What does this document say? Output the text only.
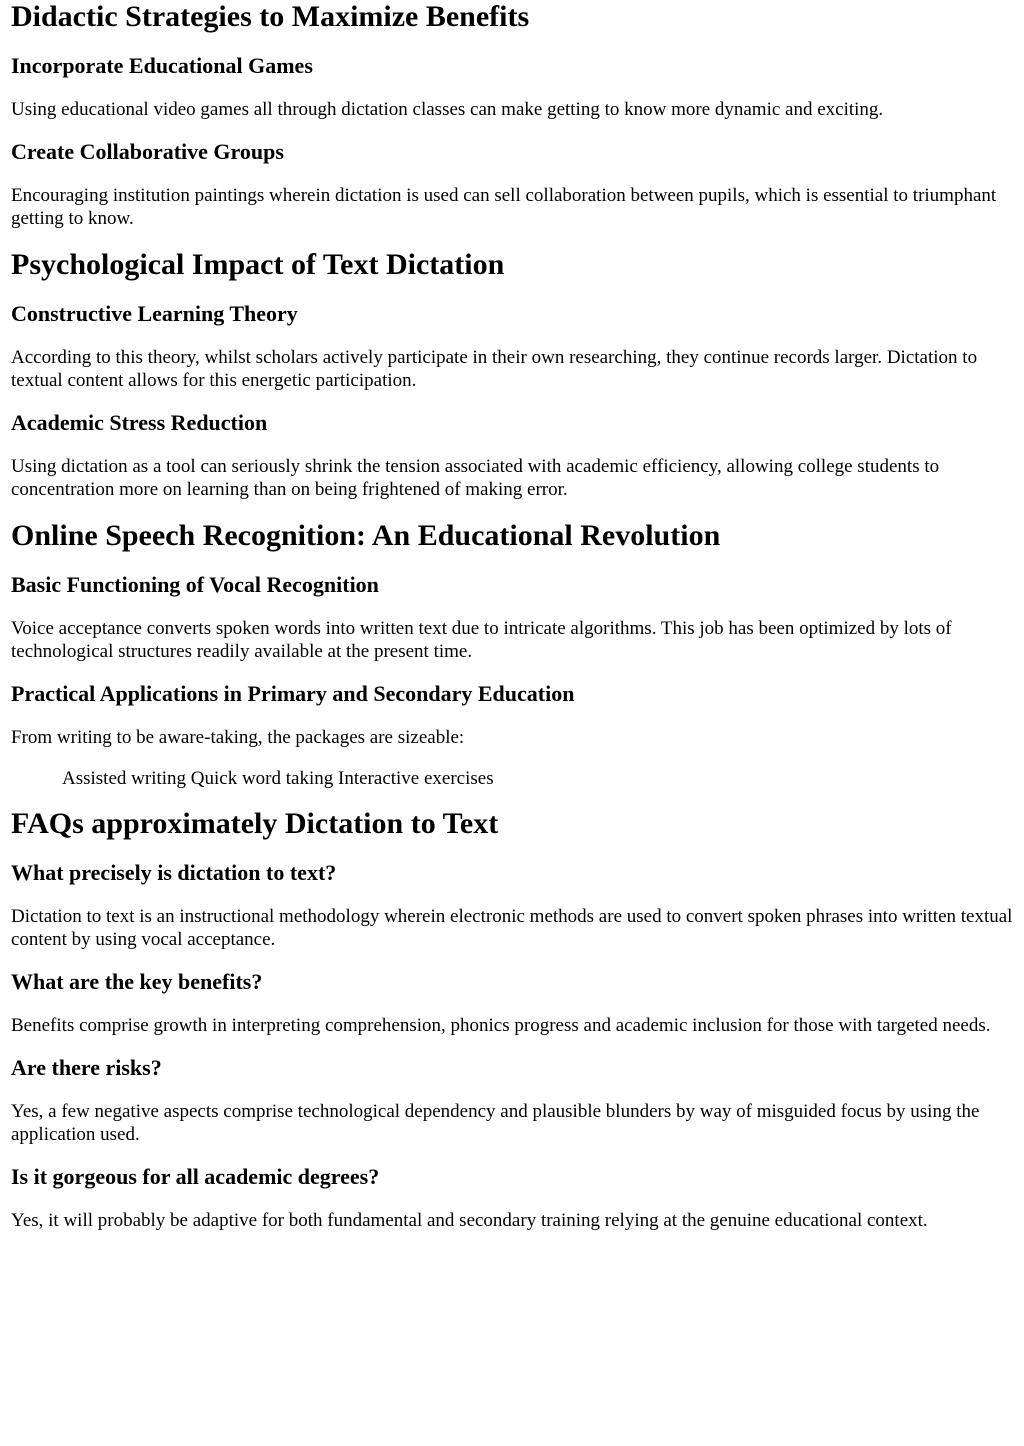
Didactic Strategies to Maximize Benefits
Incorporate Educational Games

Using educational video games all through dictation classes can make getting to know more dynamic and exciting.

Create Collaborative Groups

Encouraging institution paintings wherein dictation is used can sell collaboration between pupils, which is essential to triumphant getting to know.

Psychological Impact of Text Dictation
Constructive Learning Theory

According to this theory, whilst scholars actively participate in their own researching, they continue records larger. Dictation to textual content allows for this energetic participation.

Academic Stress Reduction

Using dictation as a tool can seriously shrink the tension associated with academic efficiency, allowing college students to concentration more on learning than on being frightened of making error.

Online Speech Recognition: An Educational Revolution
Basic Functioning of Vocal Recognition

Voice acceptance converts spoken words into written text due to intricate algorithms. This job has been optimized by lots of technological structures readily available at the present time.

Practical Applications in Primary and Secondary Education

From writing to be aware-taking, the packages are sizeable:

Assisted writing Quick word taking Interactive exercises
FAQs approximately Dictation to Text
What precisely is dictation to text?

Dictation to text is an instructional methodology wherein electronic methods are used to convert spoken phrases into written textual content by using vocal acceptance.

What are the key benefits?

Benefits comprise growth in interpreting comprehension, phonics progress and academic inclusion for those with targeted needs.

Are there risks?

Yes, a few negative aspects comprise technological dependency and plausible blunders by way of misguided focus by using the application used.

Is it gorgeous for all academic degrees?

Yes, it will probably be adaptive for both fundamental and secondary training relying at the genuine educational context.
